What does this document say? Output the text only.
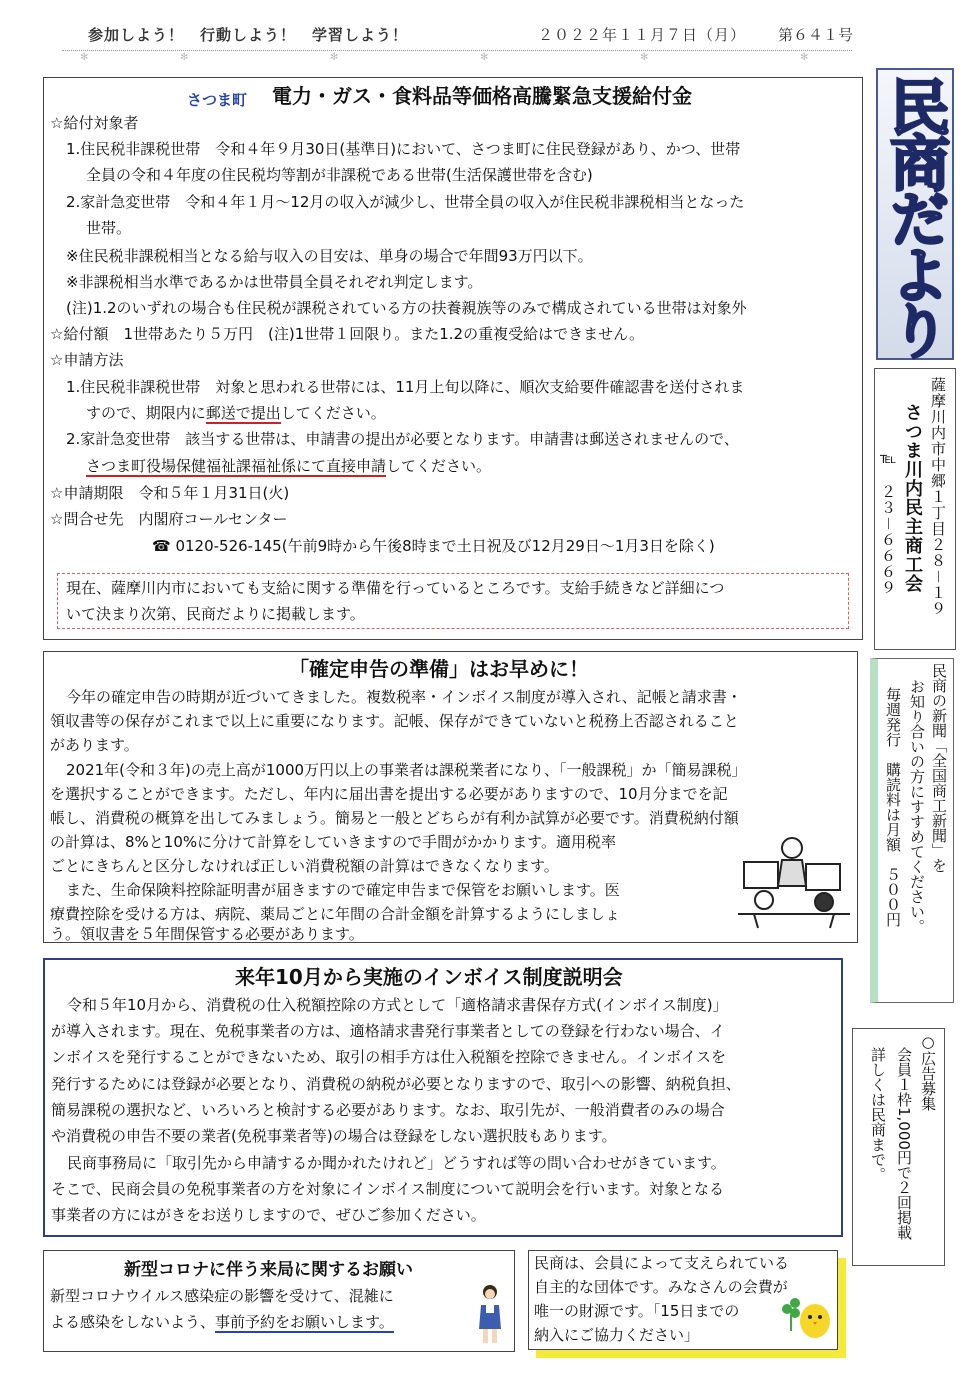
参加しよう！　行動しよう！　学習しよう！	２０２２年１１月７日（月） 第６４１号
✻	✻	✻	✻	✻	✻
さつま町 電力・ガス・食料品等価格高騰緊急支援給付金
☆給付対象者
1.住民税非課税世帯　令和４年９月30日(基準日)において、さつま町に住民登録があり、かつ、世帯
全員の令和４年度の住民税均等割が非課税である世帯(生活保護世帯を含む)
2.家計急変世帯　令和４年１月～12月の収入が減少し、世帯全員の収入が住民税非課税相当となった
世帯。
※住民税非課税相当となる給与収入の目安は、単身の場合で年間93万円以下。
※非課税相当水準であるかは世帯員全員それぞれ判定します。
(注)1.2のいずれの場合も住民税が課税されている方の扶養親族等のみで構成されている世帯は対象外
☆給付額　1世帯あたり５万円　(注)1世帯１回限り。また1.2の重複受給はできません。
☆申請方法
1.住民税非課税世帯　対象と思われる世帯には、11月上旬以降に、順次支給要件確認書を送付されま
すので、期限内に郵送で提出してください。
2.家計急変世帯　該当する世帯は、申請書の提出が必要となります。申請書は郵送されませんので、
さつま町役場保健福祉課福祉係にて直接申請してください。
☆申請期限　令和５年１月31日(火)
☆問合せ先　内閣府コールセンター
☎ 0120-526-145(午前9時から午後8時まで土日祝及び12月29日～1月3日を除く)
現在、薩摩川内市においても支給に関する準備を行っているところです。支給手続きなど詳細につ
いて決まり次第、民商だよりに掲載します。
「確定申告の準備」はお早めに！
今年の確定申告の時期が近づいてきました。複数税率・インボイス制度が導入され、記帳と請求書・
領収書等の保存がこれまで以上に重要になります。記帳、保存ができていないと税務上否認されること
があります。
2021年(令和３年)の売上高が1000万円以上の事業者は課税業者になり、「一般課税」か「簡易課税」
を選択することができます。ただし、年内に届出書を提出する必要がありますので、10月分までを記
帳し、消費税の概算を出してみましょう。簡易と一般とどちらが有利か試算が必要です。消費税納付額
の計算は、8%と10%に分けて計算をしていきますので手間がかかります。適用税率
ごとにきちんと区分しなければ正しい消費税額の計算はできなくなります。
また、生命保険料控除証明書が届きますので確定申告まで保管をお願いします。医
療費控除を受ける方は、病院、薬局ごとに年間の合計金額を計算するようにしましょ
う。領収書を５年間保管する必要があります。
来年10月から実施のインボイス制度説明会
令和５年10月から、消費税の仕入税額控除の方式として「適格請求書保存方式(インボイス制度)」
が導入されます。現在、免税事業者の方は、適格請求書発行事業者としての登録を行わない場合、イ
ンボイスを発行することができないため、取引の相手方は仕入税額を控除できません。インボイスを
発行するためには登録が必要となり、消費税の納税が必要となりますので、取引への影響、納税負担、
簡易課税の選択など、いろいろと検討する必要があります。なお、取引先が、一般消費者のみの場合
や消費税の申告不要の業者(免税事業者等)の場合は登録をしない選択肢もあります。
民商事務局に「取引先から申請するか聞かれたけれど」どうすれば等の問い合わせがきています。
そこで、民商会員の免税事業者の方を対象にインボイス制度について説明会を行います。対象となる
事業者の方にはがきをお送りしますので、ぜひご参加ください。
新型コロナに伴う来局に関するお願い
新型コロナウイルス感染症の影響を受けて、混雑に
よる感染をしないよう、事前予約をお願いします。
民商は、会員によって支えられている
自主的な団体です。みなさんの会費が
唯一の財源です。「15日までの
納入にご協力ください」
民商だより
薩摩川内市中郷１丁目２８－１９
さつま川内民主商工会
℡　２３－６６６９
民商の新聞「全国商工新聞」を
お知り合いの方にすすめてください。
毎週発行　購読料は月額　５００円
○広告募集
会員１枠1,000円で２回掲載
詳しくは民商まで。
